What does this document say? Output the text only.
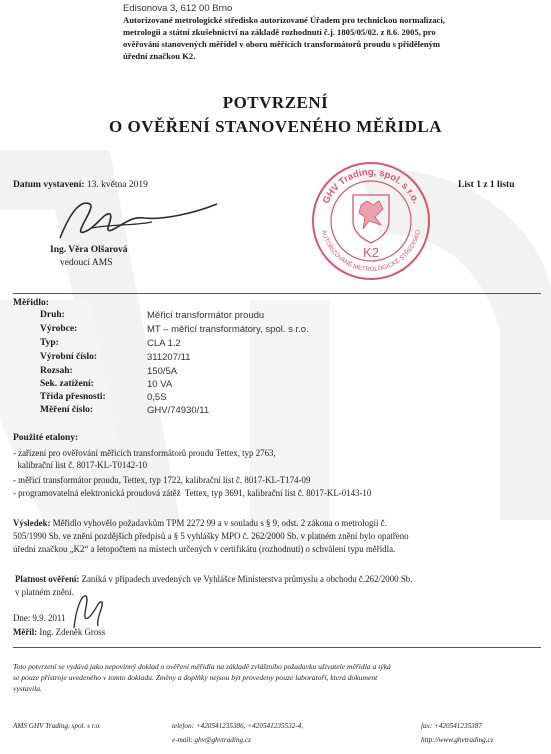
Edisonova 3, 612 00 Brno
Autorizované metrologické středisko autorizované Úřadem pro technickou normalizaci,
metrologii a státní zkušebnictví na základě rozhodnutí č.j. 1805/05/02. z 8.6. 2005, pro
ověřování stanovených měřidel v oboru měřících transformátorů proudu s přiděleným
úřední značkou K2.
POTVRZENÍ
O OVĚŘENÍ STANOVENÉHO MĚŘIDLA
Datum vystavení: 13. května 2019	List 1 z 1 listu
Ing. Věra Olšarová
vedoucí AMS
GHV Trading, spol. s r.o.
AUTORIZOVANÉ METROLOGICKÉ STŘEDISKO
K2
Měřidlo:
Druh:	Měřicí transformátor proudu
Výrobce:	MT – měřicí transformátory, spol. s r.o.
Typ:	CLA 1.2
Výrobní číslo:	311207/11
Rozsah:	150/5A
Sek. zatížení:	10 VA
Třída přesnosti:	0,5S
Měření číslo:	GHV/74930/11
Použité etalony:
- zařízení pro ověřování měřicích transformátorů proudu Tettex, typ 2763,
kalibrační list č. 8017-KL-T0142-10
- měřicí transformátor proudu, Tettex, typ 1722, kalibrační list č. 8017-KL-T174-09
- programovatelná elektronická proudová zátěž  Tettex, typ 3691, kalibrační list č. 8017-KL-0143-10
Výsledek: Měřidlo vyhovělo požadavkům TPM 2272 99 a v souladu s § 9, odst. 2 zákona o metrologii č.
505/1990 Sb. ve znění pozdějších předpisů a § 5 vyhlášky MPO č. 262/2000 Sb. v platném znění bylo opatřeno
úřední značkou „K2“ a letopočtem na místech určených v certifikátu (rozhodnutí) o schválení typu měřidla.
Platnost ověření: Zaniká v případech uvedených ve Vyhlášce Ministerstva průmyslu a obchodu č.262/2000 Sb.
v platném znění.
Dne: 9.9. 2011
Měřil: Ing. Zdeněk Gross
Toto potvrzení se vydává jako nepovinný doklad o ověření měřidla na základě zvláštního požadavku uživatele měřidla a týká
se pouze přístroje uvedeného v tomto dokladu. Změny a doplňky nejsou být provedeny pouze laboratoří, která dokument
vystavila.
AMS GHV Trading, spol. s r.o.	telefon: +420541235386, +420541235532-4,
e-mail: ghv@ghvtrading.cz
fax: +420541235387
http://www.ghvtrading.cz
